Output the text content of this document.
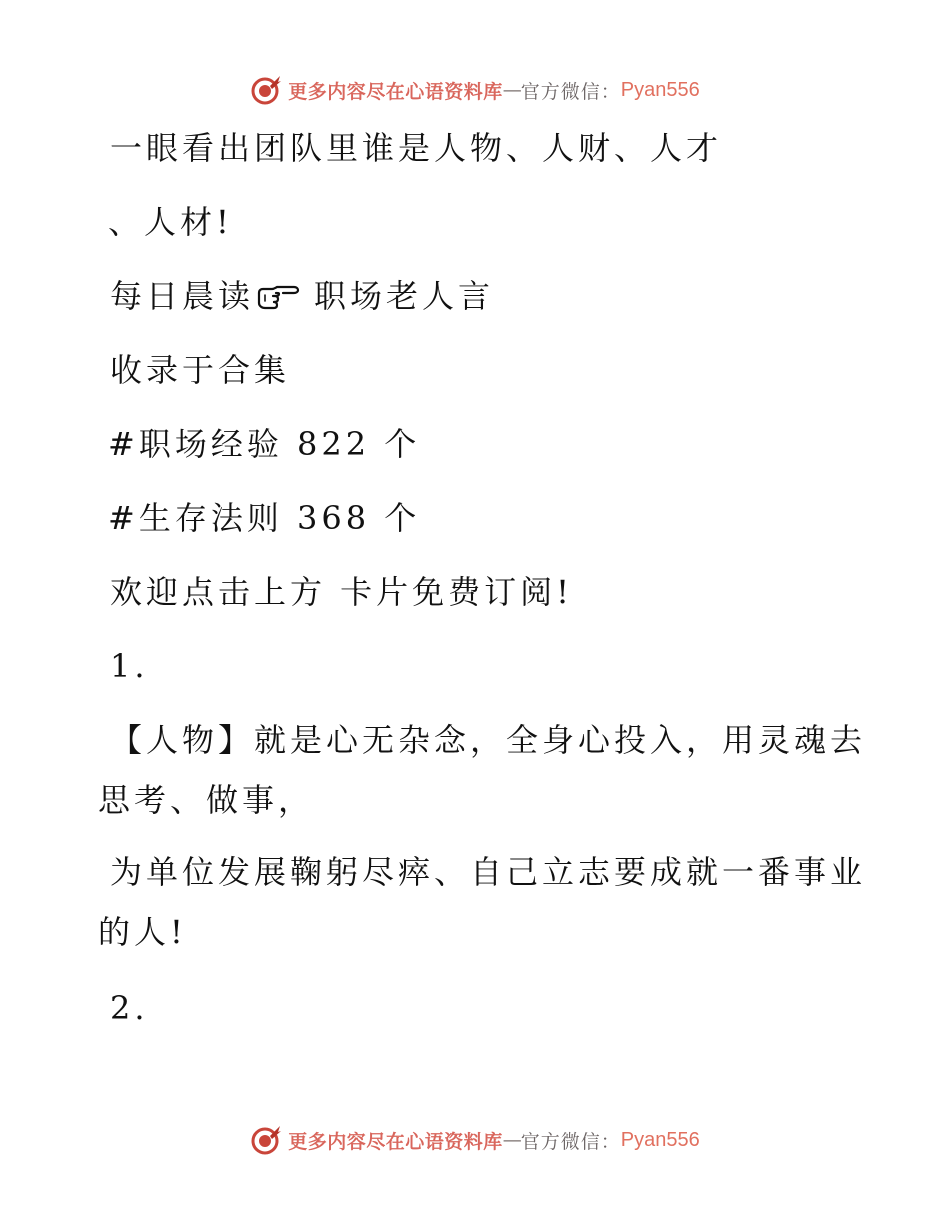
更多内容尽在心语资料库 — 官方微信： Pyan556
一眼看出团队里谁是人物、人财、人才
、人材!
每日晨读 职场老人言
收录于合集
#职场经验 822 个
#生存法则 368 个
欢迎点击上方 卡片免费订阅!
1.
【人物】就是心无杂念，全身心投入，用灵魂去
思考、做事，
为单位发展鞠躬尽瘁、自己立志要成就一番事业
的人!
2.
更多内容尽在心语资料库 — 官方微信： Pyan556
